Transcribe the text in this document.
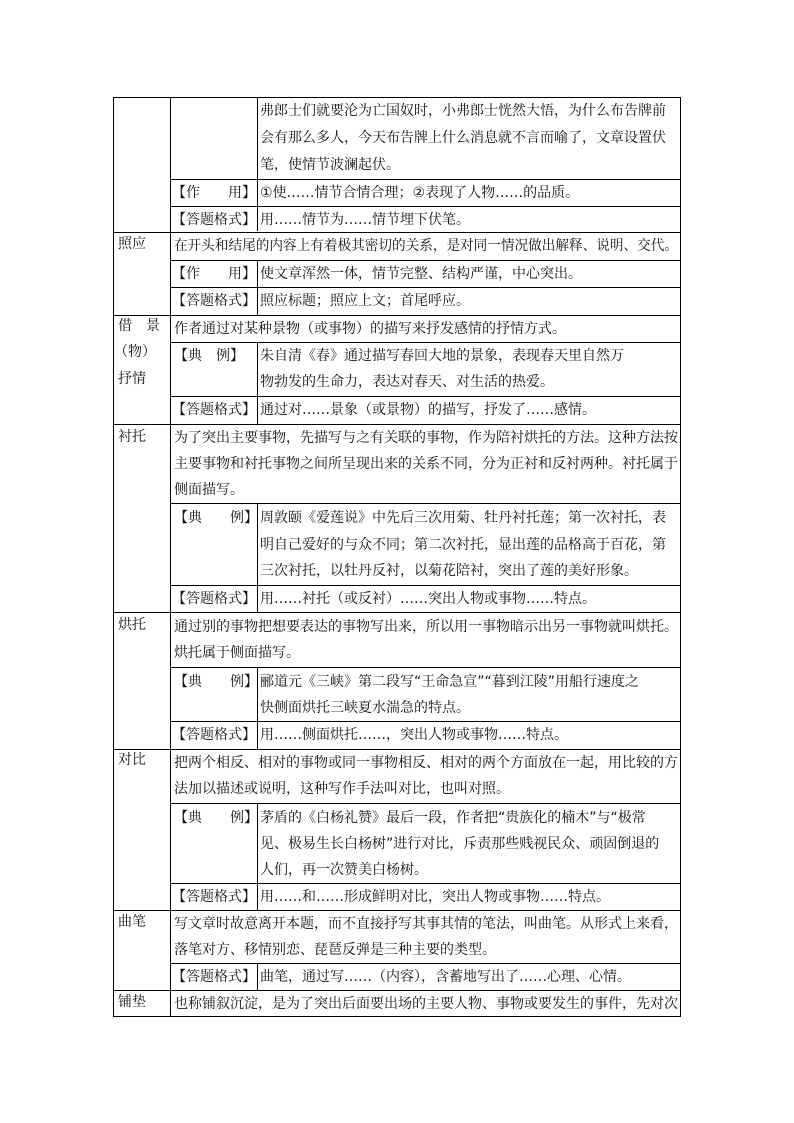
弗郎士们就要沦为亡国奴时，小弗郎士恍然大悟，为什么布告牌前
会有那么多人，今天布告牌上什么消息就不言而喻了，文章设置伏
笔，使情节波澜起伏。
【作　　用】 ①使……情节合情合理；②表现了人物……的品质。
【答题格式】 用……情节为……情节埋下伏笔。
照应 在开头和结尾的内容上有着极其密切的关系，是对同一情况做出解释、说明、交代。
【作　　用】 使文章浑然一体，情节完整、结构严谨，中心突出。
【答题格式】 照应标题；照应上文；首尾呼应。
借　景
（物）
抒情
作者通过对某种景物（或事物）的描写来抒发感情的抒情方式。
【典　例】 朱自清《春》通过描写春回大地的景象，表现春天里自然万
物勃发的生命力，表达对春天、对生活的热爱。
【答题格式】 通过对……景象（或景物）的描写，抒发了……感情。
衬托 为了突出主要事物，先描写与之有关联的事物，作为陪衬烘托的方法。这种方法按
主要事物和衬托事物之间所呈现出来的关系不同，分为正衬和反衬两种。衬托属于
侧面描写。
【典　　例】 周敦颐《爱莲说》中先后三次用菊、牡丹衬托莲；第一次衬托，表
明自己爱好的与众不同；第二次衬托，显出莲的品格高于百花，第
三次衬托，以牡丹反衬，以菊花陪衬，突出了莲的美好形象。
【答题格式】 用……衬托（或反衬）……突出人物或事物……特点。
烘托 通过别的事物把想要表达的事物写出来，所以用一事物暗示出另一事物就叫烘托。
烘托属于侧面描写。
【典　　例】 郦道元《三峡》第二段写“王命急宣”“暮到江陵”用船行速度之
快侧面烘托三峡夏水湍急的特点。
【答题格式】 用……侧面烘托……，突出人物或事物……特点。
对比 把两个相反、相对的事物或同一事物相反、相对的两个方面放在一起，用比较的方
法加以描述或说明，这种写作手法叫对比，也叫对照。
【典　　例】 茅盾的《白杨礼赞》最后一段，作者把“贵族化的楠木”与“极常
见、极易生长白杨树”进行对比，斥责那些贱视民众、顽固倒退的
人们，再一次赞美白杨树。
【答题格式】 用……和……形成鲜明对比，突出人物或事物……特点。
曲笔 写文章时故意离开本题，而不直接抒写其事其情的笔法，叫曲笔。从形式上来看，
落笔对方、移情别恋、琵琶反弹是三种主要的类型。
【答题格式】 曲笔，通过写……（内容），含蓄地写出了……心理、心情。
铺垫 也称铺叙沉淀，是为了突出后面要出场的主要人物、事物或要发生的事件，先对次
